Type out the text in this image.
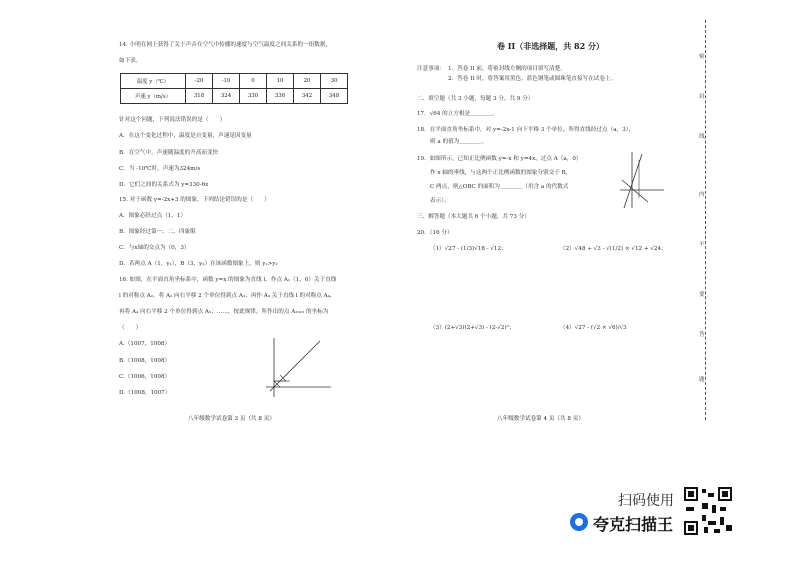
14. 小明在网上获得了关于声音在空气中传播的速度与空气温度之间关系的一组数据，
如下表。
温度 y（℃）	-20	-10	0	10	20	30
声速 y（m/s）	318	324	330	336	342	348
针对这个问题，下列说法错误的是（　　）
A．在这个变化过程中，温度是自变量，声速是因变量
B．在空气中，声速随温度的升高而变快
C．当 -10℃时，声速为324m/s
D．它们之间的关系式为 y=330-6x
15. 对于函数 y=-2x+3 的图象，下列结论错误的是（　　）
A．图象必经过点（1，1）
B．图象经过第一、二、四象限
C．与x轴的交点为（0，3）
D．若两点 A（1，y₁），B（3，y₂）在该函数图象上，则 y₁>y₂
16. 如图，在平面直角坐标系中，函数 y=x 的图象为直线 l，作点 A₁（1，0）关于直线
l 的对称点 A₂，将 A₂ 向右平移 2 个单位得到点 A₃；再作 A₃ 关于直线 l 的对称点 A₄，
再将 A₄ 向右平移 2 个单位得到点 A₅；……，按此规律，所作出的点 A₂₀₁₅ 的坐标为
（　　）
A.（1007，1008）
B.（1008，1008）
C.（1006，1008）
D.（1008，1007）
八年级数学试卷第 3 页（共 8 页）
卷 II（非选择题，共 82 分）
注意事项： 1．答卷 II 前，将密封线左侧的项目填写清楚。
2．答卷 II 时，将答案用黑色、蓝色钢笔或圆珠笔直接写在试卷上。
二、填空题（共 3 小题，每题 3 分，共 9 分）
17．√64 的立方根是＿＿＿＿。
18．在平面直角坐标系中，对 y=-2x-1 向下平移 3 个单位，所得直线经过点（a，3），
则 a 的值为＿＿＿＿。
19．如图所示，已知正比例函数 y=-x 和 y=4x，过点 A（a，0）
作 x 轴的垂线，与这两个正比例函数的图象分别交于 B，
C 两点，则△OBC 的面积为＿＿＿＿（用含 a 的代数式
表示）。
三、解答题（本大题共 6 个小题，共 73 分）
20．（16 分）
（1）√27 - (1/3)√18 - √12；	（2）√48 ÷ √3 - √(1/2) × √12 + √24；
（3）(2+√3)(2+√3) - (2-√2)²；	（4）√27 - (√2 × √6)/√3
八年级数学试卷第 4 页（共 8 页）
密
封
线
内
不
要
答
题
扫码使用
夸克扫描王
